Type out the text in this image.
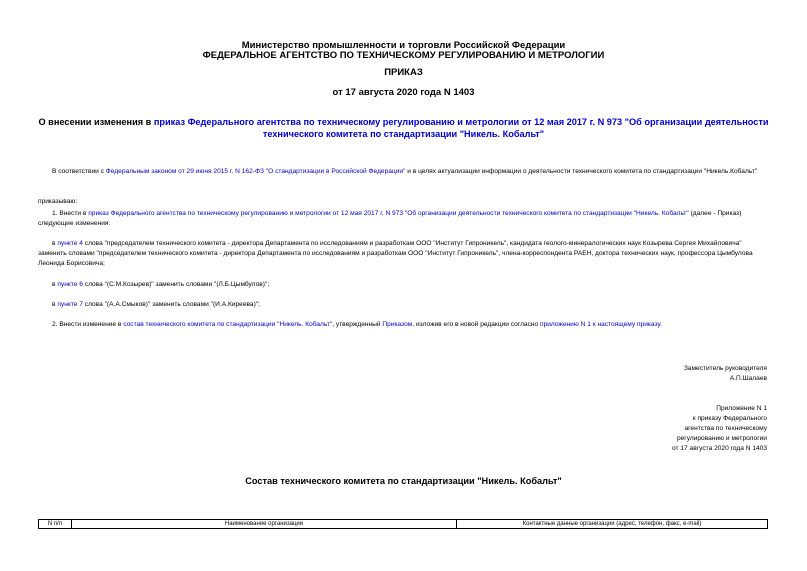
Министерство промышленности и торговли Российской Федерации
ФЕДЕРАЛЬНОЕ АГЕНТСТВО ПО ТЕХНИЧЕСКОМУ РЕГУЛИРОВАНИЮ И МЕТРОЛОГИИ
ПРИКАЗ
от 17 августа 2020 года N 1403
О внесении изменения в приказ Федерального агентства по техническому регулированию и метрологии от 12 мая 2017 г. N 973 "Об организации деятельности технического комитета по стандартизации "Никель. Кобальт"
В соответствии с Федеральным законом от 29 июня 2015 г. N 162-ФЗ "О стандартизации в Российской Федерации" и в целях актуализации информации о деятельности технического комитета по стандартизации "Никель.Кобальт"
приказываю:
1. Внести в приказ Федерального агентства по техническому регулированию и метрологии от 12 мая 2017 г. N 973 "Об организации деятельности технического комитета по стандартизации "Никель. Кобальт" (далее - Приказ) следующие изменения:
в пункте 4 слова "председателем технического комитета - директора Департамента по исследованиям и разработкам ООО "Институт Гипроникель", кандидата геолого-минералогических наук Козырева Сергея Михайловича" заменить словами "председателем технического комитета - директора Департамента по исследованиям и разработкам ООО "Институт Гипроникель", члена-корреспондента РАЕН, доктора технических наук, профессора Цымбулова Леонида Борисовича;
в пункте 6 слова "(С.М.Козырев)" заменить словами "(Л.Б.Цымбулов)";
в пункте 7 слова "(А.А.Смыков)" заменить словами "(И.А.Киреева)";
2. Внести изменение в состав технического комитета по стандартизации "Никель. Кобальт", утвержденный Приказом, изложив его в новой редакции согласно приложению N 1 к настоящему приказу.
Заместитель руководителя
А.П.Шалаев
Приложение N 1
к приказу Федерального
агентства по техническому
регулированию и метрологии
от 17 августа 2020 года N 1403
Состав технического комитета по стандартизации "Никель. Кобальт"
N п/п	Наименование организации	Контактные данные организации (адрес, телефон, факс, e-mail)
